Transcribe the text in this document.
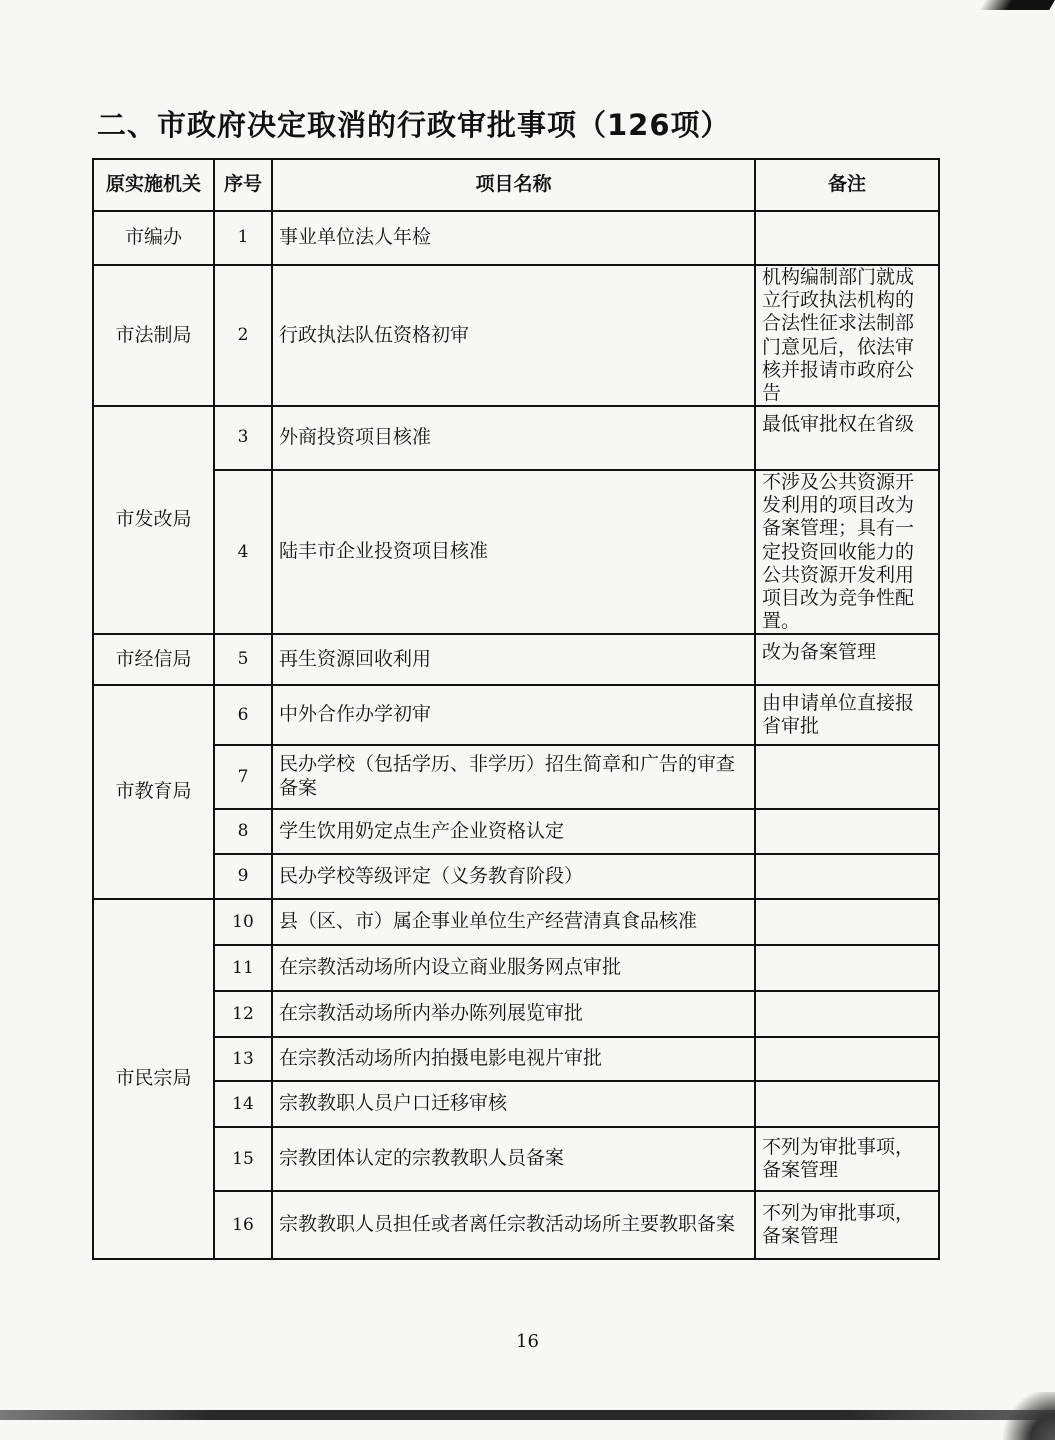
二、市政府决定取消的行政审批事项（126项）
原实施机关	序号	项目名称	备注
市编办	1	事业单位法人年检	
市法制局	2	行政执法队伍资格初审	机构编制部门就成立行政执法机构的合法性征求法制部门意见后，依法审核并报请市政府公告
市发改局	3	外商投资项目核准	最低审批权在省级
	4	陆丰市企业投资项目核准	不涉及公共资源开发利用的项目改为备案管理；具有一定投资回收能力的公共资源开发利用项目改为竞争性配置。
市经信局	5	再生资源回收利用	改为备案管理
市教育局	6	中外合作办学初审	由申请单位直接报省审批
	7	民办学校（包括学历、非学历）招生简章和广告的审查备案	
	8	学生饮用奶定点生产企业资格认定	
	9	民办学校等级评定（义务教育阶段）	
市民宗局	10	县（区、市）属企事业单位生产经营清真食品核准	
	11	在宗教活动场所内设立商业服务网点审批	
	12	在宗教活动场所内举办陈列展览审批	
	13	在宗教活动场所内拍摄电影电视片审批	
	14	宗教教职人员户口迁移审核	
	15	宗教团体认定的宗教教职人员备案	不列为审批事项，备案管理
	16	宗教教职人员担任或者离任宗教活动场所主要教职备案	不列为审批事项，备案管理
16
